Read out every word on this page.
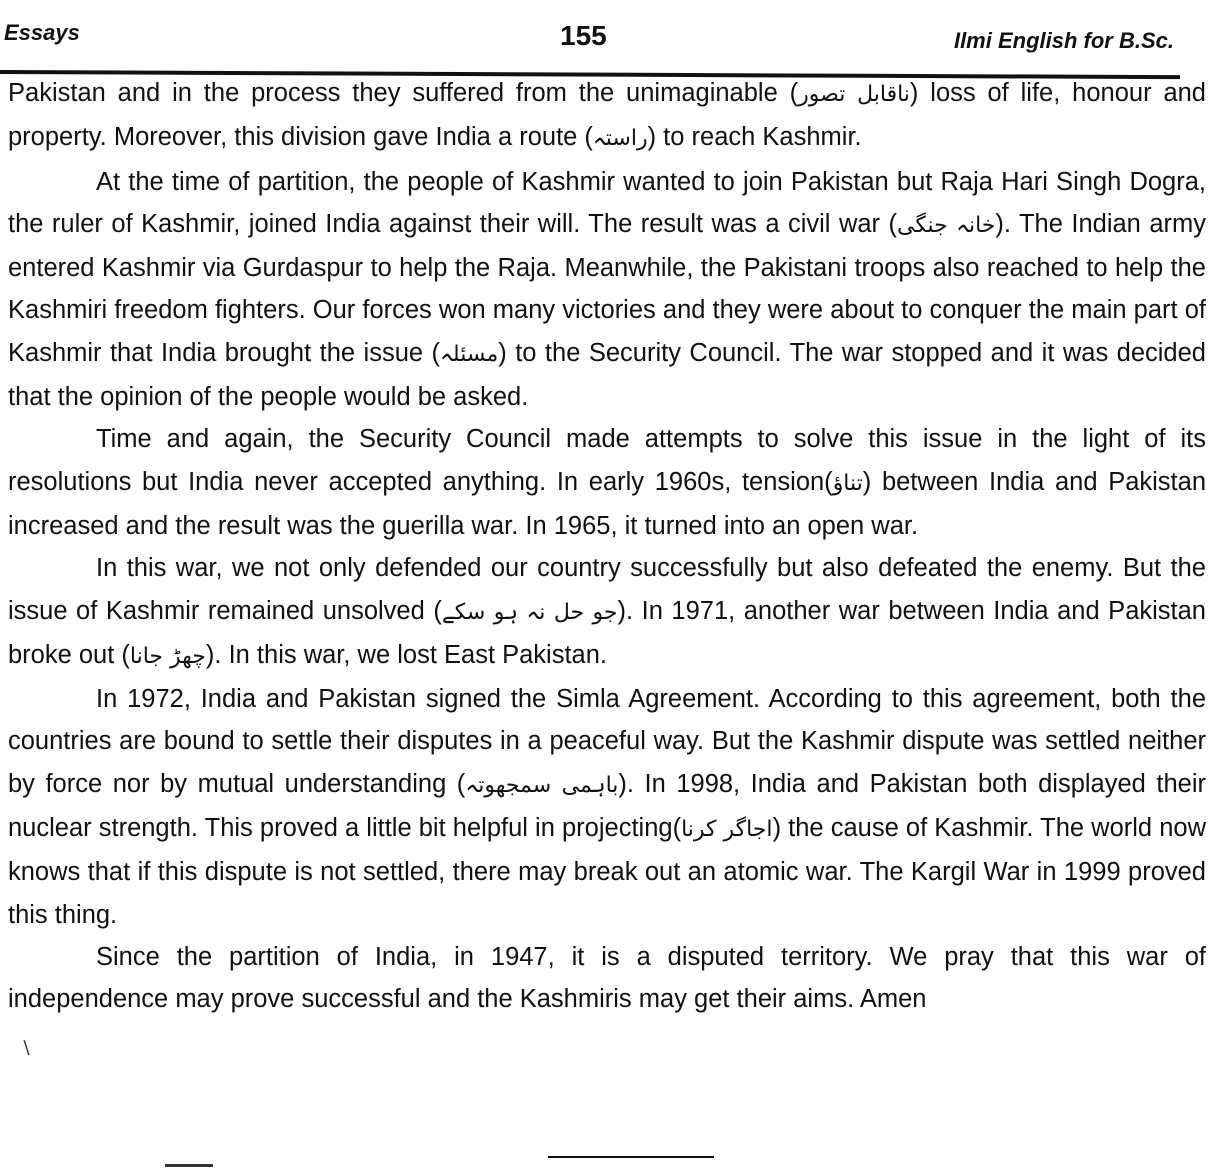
Essays	155	Ilmi English for B.Sc.

Pakistan and in the process they suffered from the unimaginable (ناقابل تصور) loss of life, honour and property. Moreover, this division gave India a route (راستہ) to reach Kashmir.

At the time of partition, the people of Kashmir wanted to join Pakistan but Raja Hari Singh Dogra, the ruler of Kashmir, joined India against their will. The result was a civil war (خانہ جنگی). The Indian army entered Kashmir via Gurdaspur to help the Raja. Meanwhile, the Pakistani troops also reached to help the Kashmiri freedom fighters. Our forces won many victories and they were about to conquer the main part of Kashmir that India brought the issue (مسئلہ) to the Security Council. The war stopped and it was decided that the opinion of the people would be asked.

Time and again, the Security Council made attempts to solve this issue in the light of its resolutions but India never accepted anything. In early 1960s, tension(تناؤ) between India and Pakistan increased and the result was the guerilla war. In 1965, it turned into an open war.

In this war, we not only defended our country successfully but also defeated the enemy. But the issue of Kashmir remained unsolved (جو حل نہ ہو سکے). In 1971, another war between India and Pakistan broke out (چھڑ جانا). In this war, we lost East Pakistan.

In 1972, India and Pakistan signed the Simla Agreement. According to this agreement, both the countries are bound to settle their disputes in a peaceful way. But the Kashmir dispute was settled neither by force nor by mutual understanding (باہمی سمجھوتہ). In 1998, India and Pakistan both displayed their nuclear strength. This proved a little bit helpful in projecting(اجاگر کرنا) the cause of Kashmir. The world now knows that if this dispute is not settled, there may break out an atomic war. The Kargil War in 1999 proved this thing.

Since the partition of India, in 1947, it is a disputed territory. We pray that this war of independence may prove successful and the Kashmiris may get their aims. Amen

∖
